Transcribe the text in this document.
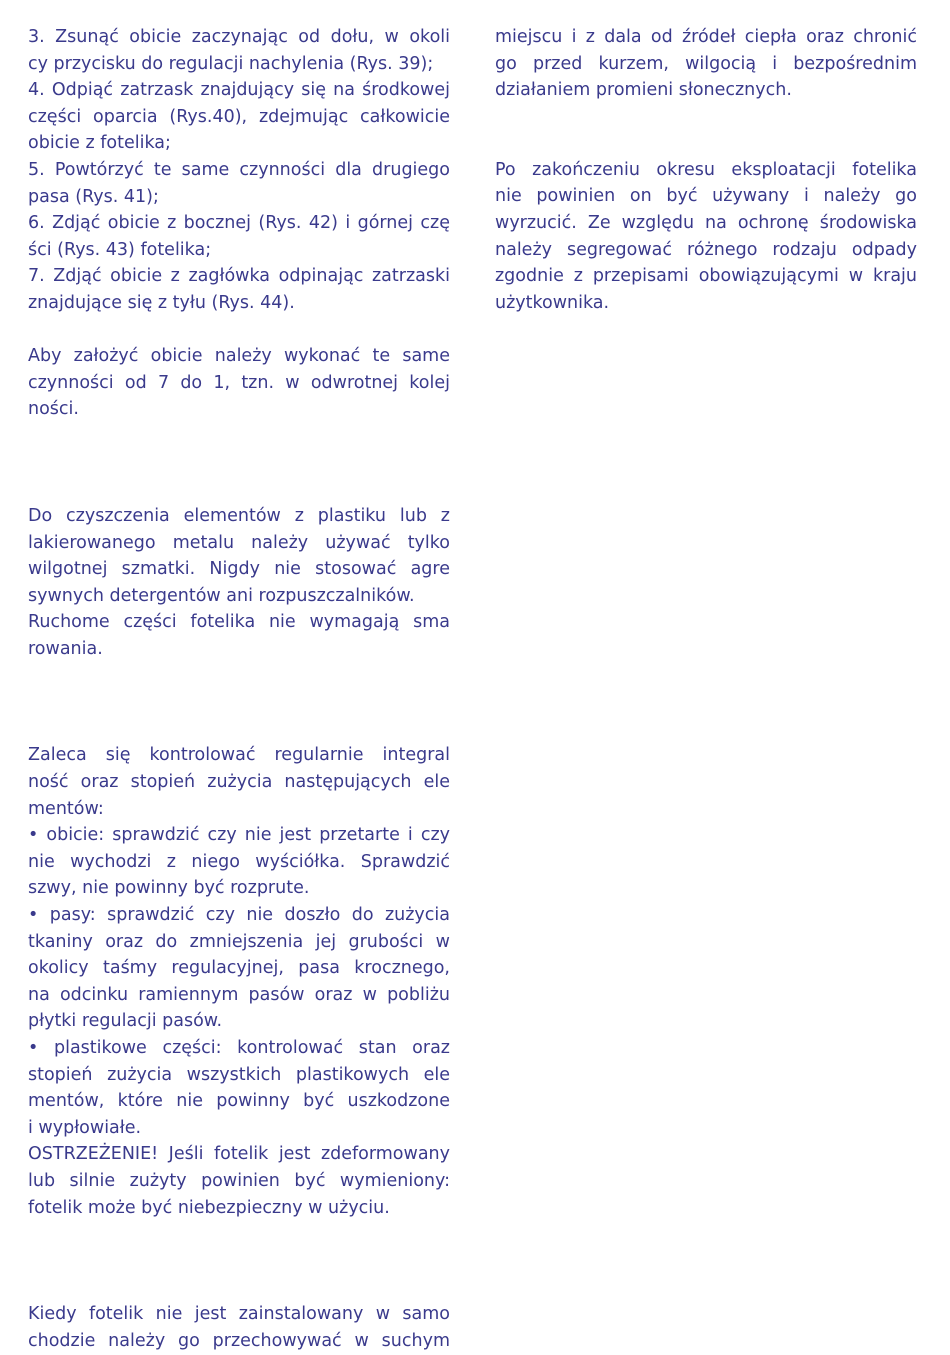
3. Zsunąć obicie zaczynając od dołu, w okoli
cy przycisku do regulacji nachylenia (Rys. 39);
4. Odpiąć zatrzask znajdujący się na środkowej
części oparcia (Rys.40), zdejmując całkowicie
obicie z fotelika;
5. Powtórzyć te same czynności dla drugiego
pasa (Rys. 41);
6. Zdjąć obicie z bocznej (Rys. 42) i górnej czę
ści (Rys. 43) fotelika;
7. Zdjąć obicie z zagłówka odpinając zatrzaski
znajdujące się z tyłu (Rys. 44).
Aby założyć obicie należy wykonać te same
czynności od 7 do 1, tzn. w odwrotnej kolej
ności.
Do czyszczenia elementów z plastiku lub z
lakierowanego metalu należy używać tylko
wilgotnej szmatki. Nigdy nie stosować agre
sywnych detergentów ani rozpuszczalników.
Ruchome części fotelika nie wymagają sma
rowania.
Zaleca się kontrolować regularnie integral
ność oraz stopień zużycia następujących ele
mentów:
• obicie: sprawdzić czy nie jest przetarte i czy
nie wychodzi z niego wyściółka. Sprawdzić
szwy, nie powinny być rozprute.
• pasy: sprawdzić czy nie doszło do zużycia
tkaniny oraz do zmniejszenia jej grubości w
okolicy taśmy regulacyjnej, pasa krocznego,
na odcinku ramiennym pasów oraz w pobliżu
płytki regulacji pasów.
• plastikowe części: kontrolować stan oraz
stopień zużycia wszystkich plastikowych ele
mentów, które nie powinny być uszkodzone
i wypłowiałe.
OSTRZEŻENIE! Jeśli fotelik jest zdeformowany
lub silnie zużyty powinien być wymieniony:
fotelik może być niebezpieczny w użyciu.
Kiedy fotelik nie jest zainstalowany w samo
chodzie należy go przechowywać w suchym
miejscu i z dala od źródeł ciepła oraz chronić
go przed kurzem, wilgocią i bezpośrednim
działaniem promieni słonecznych.
Po zakończeniu okresu eksploatacji fotelika
nie powinien on być używany i należy go
wyrzucić. Ze względu na ochronę środowiska
należy segregować różnego rodzaju odpady
zgodnie z przepisami obowiązującymi w kraju
użytkownika.
